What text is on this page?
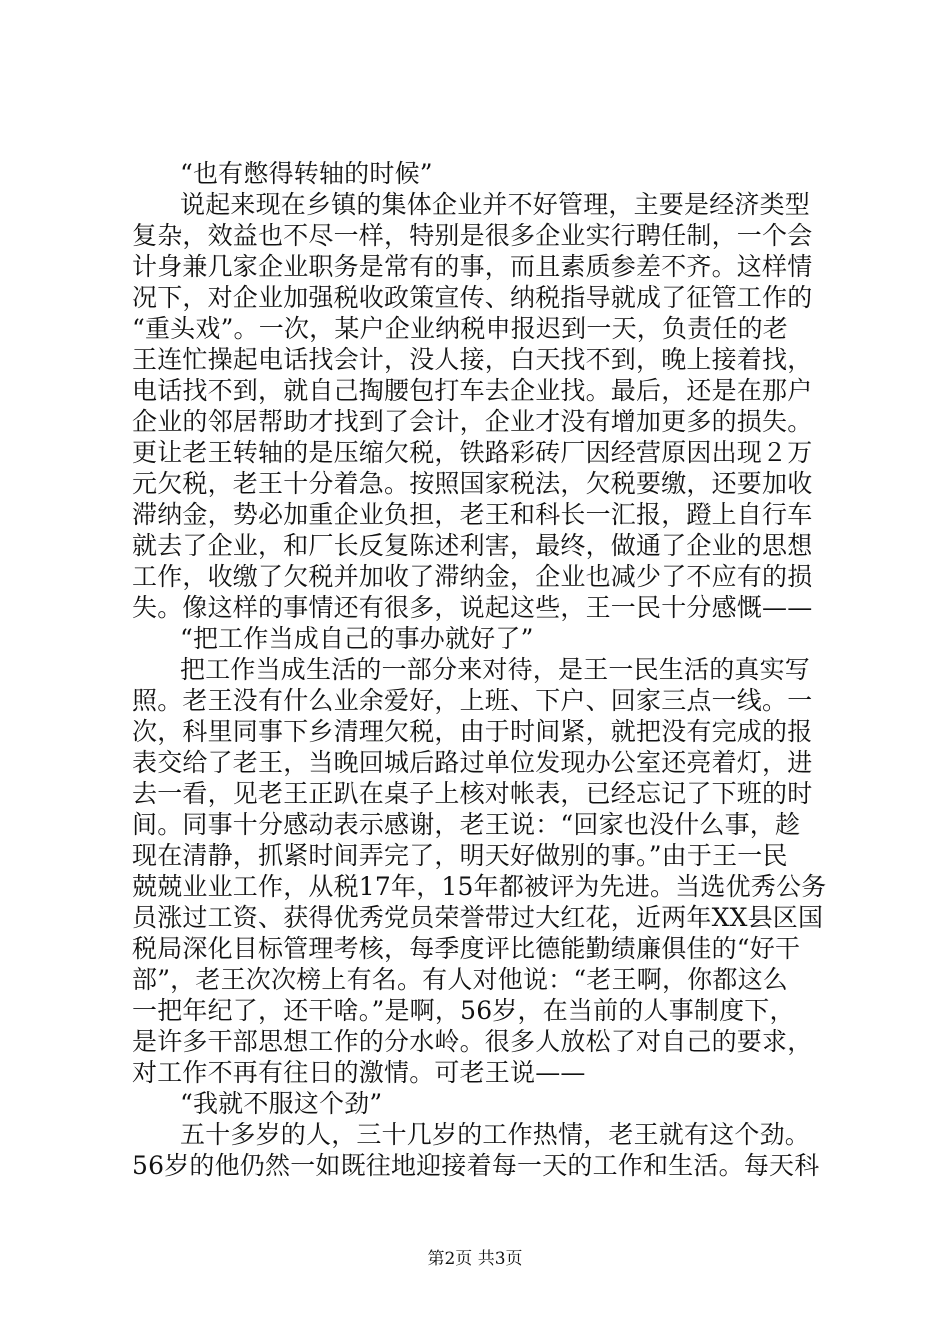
“也有憋得转轴的时候”
说起来现在乡镇的集体企业并不好管理，主要是经济类型
复杂，效益也不尽一样，特别是很多企业实行聘任制，一个会
计身兼几家企业职务是常有的事，而且素质参差不齐。这样情
况下，对企业加强税收政策宣传、纳税指导就成了征管工作的
“重头戏”。一次，某户企业纳税申报迟到一天，负责任的老
王连忙操起电话找会计，没人接，白天找不到，晚上接着找，
电话找不到，就自己掏腰包打车去企业找。最后，还是在那户
企业的邻居帮助才找到了会计，企业才没有增加更多的损失。
更让老王转轴的是压缩欠税，铁路彩砖厂因经营原因出现２万
元欠税，老王十分着急。按照国家税法，欠税要缴，还要加收
滞纳金，势必加重企业负担，老王和科长一汇报，蹬上自行车
就去了企业，和厂长反复陈述利害，最终，做通了企业的思想
工作，收缴了欠税并加收了滞纳金，企业也减少了不应有的损
失。像这样的事情还有很多，说起这些，王一民十分感慨——
“把工作当成自己的事办就好了”
把工作当成生活的一部分来对待，是王一民生活的真实写
照。老王没有什么业余爱好，上班、下户、回家三点一线。一
次，科里同事下乡清理欠税，由于时间紧，就把没有完成的报
表交给了老王，当晚回城后路过单位发现办公室还亮着灯，进
去一看，见老王正趴在桌子上核对帐表，已经忘记了下班的时
间。同事十分感动表示感谢，老王说：“回家也没什么事，趁
现在清静，抓紧时间弄完了，明天好做别的事。”由于王一民
兢兢业业工作，从税17年，15年都被评为先进。当选优秀公务
员涨过工资、获得优秀党员荣誉带过大红花，近两年XX县区国
税局深化目标管理考核，每季度评比德能勤绩廉俱佳的“好干
部”，老王次次榜上有名。有人对他说：“老王啊，你都这么
一把年纪了，还干啥。”是啊，56岁，在当前的人事制度下，
是许多干部思想工作的分水岭。很多人放松了对自己的要求，
对工作不再有往日的激情。可老王说——
“我就不服这个劲”
五十多岁的人，三十几岁的工作热情，老王就有这个劲。
56岁的他仍然一如既往地迎接着每一天的工作和生活。每天科
第2页 共3页
